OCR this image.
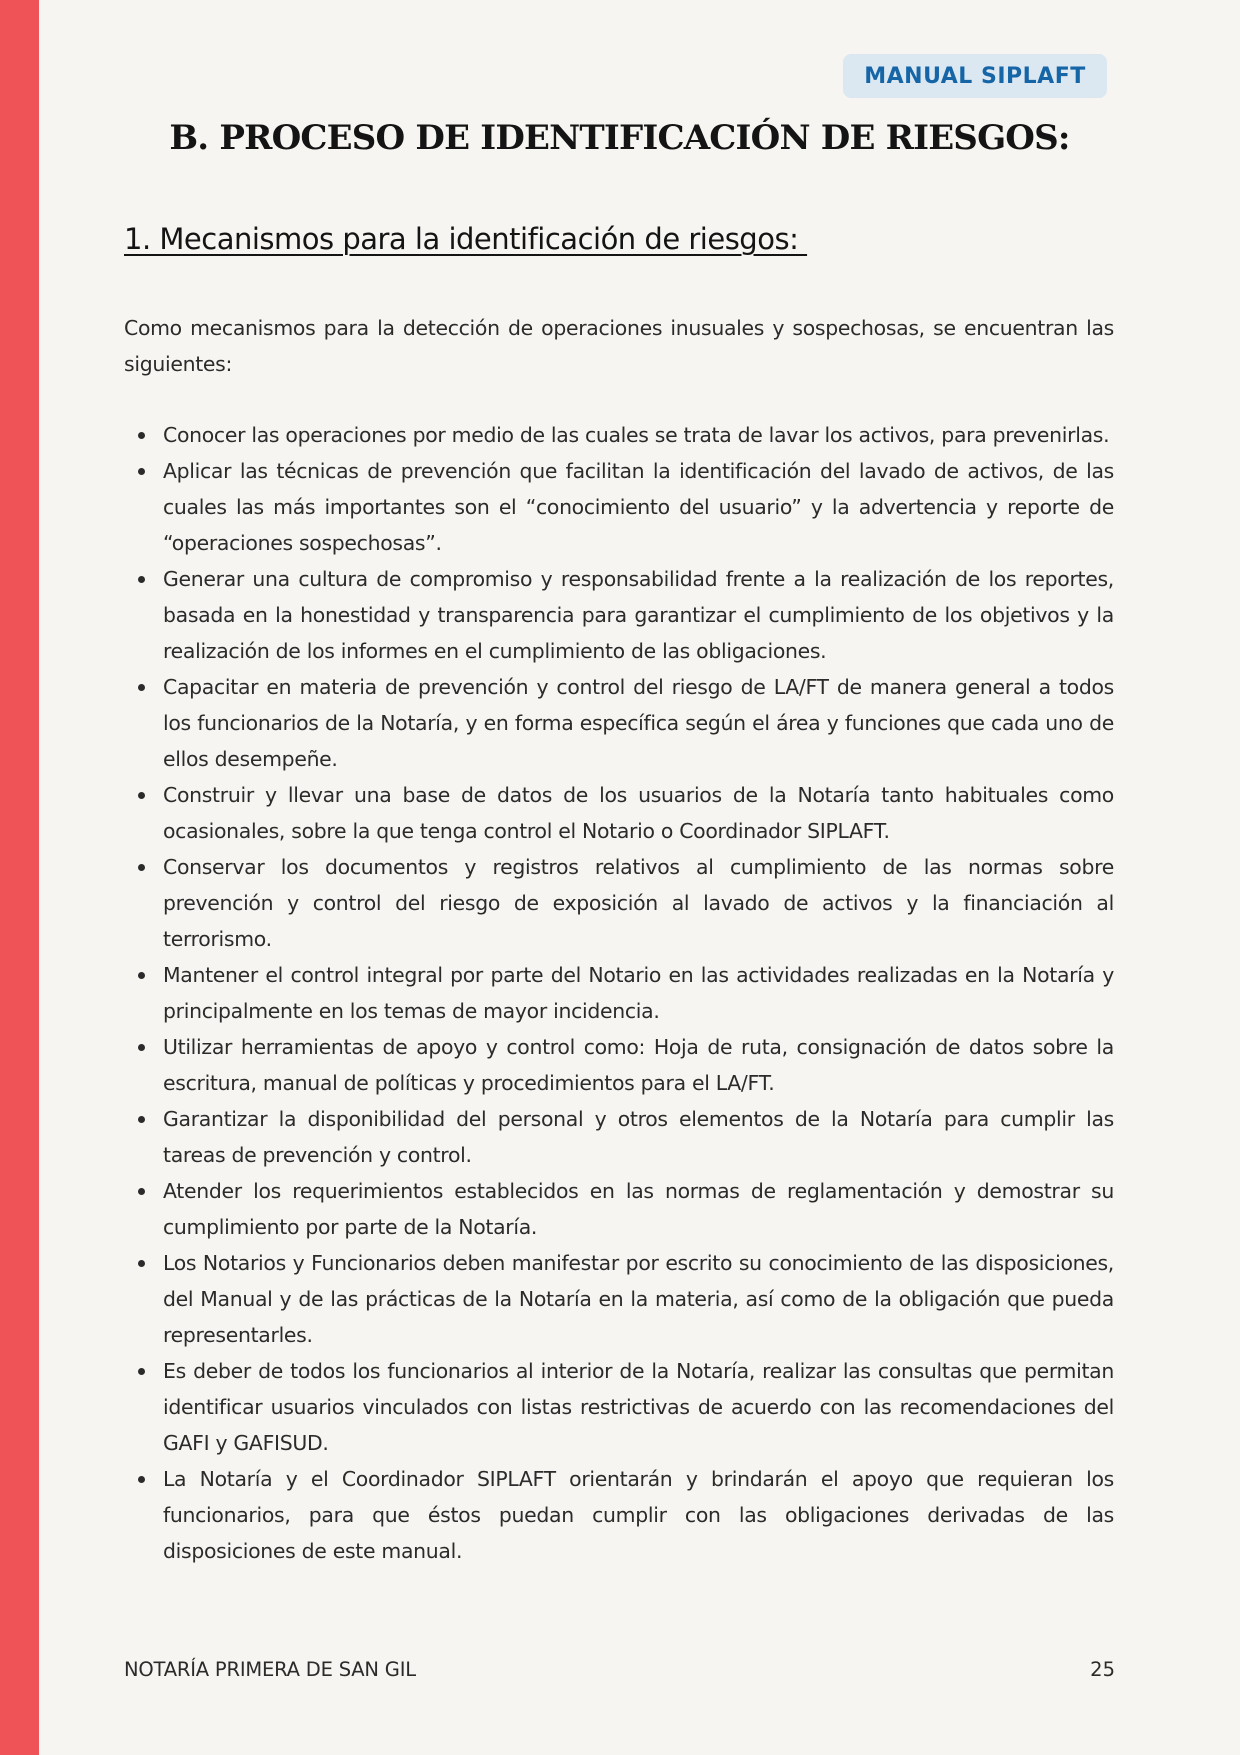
MANUAL SIPLAFT
B. PROCESO DE IDENTIFICACIÓN DE RIESGOS:
1. Mecanismos para la identificación de riesgos:

Como mecanismos para la detección de operaciones inusuales y sospechosas, se encuentran las siguientes:

Conocer las operaciones por medio de las cuales se trata de lavar los activos, para prevenirlas.
Aplicar las técnicas de prevención que facilitan la identificación del lavado de activos, de las cuales las más importantes son el “conocimiento del usuario” y la advertencia y reporte de “operaciones sospechosas”.
Generar una cultura de compromiso y responsabilidad frente a la realización de los reportes, basada en la honestidad y transparencia para garantizar el cumplimiento de los objetivos y la realización de los informes en el cumplimiento de las obligaciones.
Capacitar en materia de prevención y control del riesgo de LA/FT de manera general a todos los funcionarios de la Notaría, y en forma específica según el área y funciones que cada uno de ellos desempeñe.
Construir y llevar una base de datos de los usuarios de la Notaría tanto habituales como ocasionales, sobre la que tenga control el Notario o Coordinador SIPLAFT.
Conservar los documentos y registros relativos al cumplimiento de las normas sobre prevención y control del riesgo de exposición al lavado de activos y la financiación al terrorismo.
Mantener el control integral por parte del Notario en las actividades realizadas en la Notaría y principalmente en los temas de mayor incidencia.
Utilizar herramientas de apoyo y control como: Hoja de ruta, consignación de datos sobre la escritura, manual de políticas y procedimientos para el LA/FT.
Garantizar la disponibilidad del personal y otros elementos de la Notaría para cumplir las tareas de prevención y control.
Atender los requerimientos establecidos en las normas de reglamentación y demostrar su cumplimiento por parte de la Notaría.
Los Notarios y Funcionarios deben manifestar por escrito su conocimiento de las disposiciones, del Manual y de las prácticas de la Notaría en la materia, así como de la obligación que pueda representarles.
Es deber de todos los funcionarios al interior de la Notaría, realizar las consultas que permitan identificar usuarios vinculados con listas restrictivas de acuerdo con las recomendaciones del GAFI y GAFISUD.
La Notaría y el Coordinador SIPLAFT orientarán y brindarán el apoyo que requieran los funcionarios, para que éstos puedan cumplir con las obligaciones derivadas de las disposiciones de este manual.
NOTARÍA PRIMERA DE SAN GIL	25
